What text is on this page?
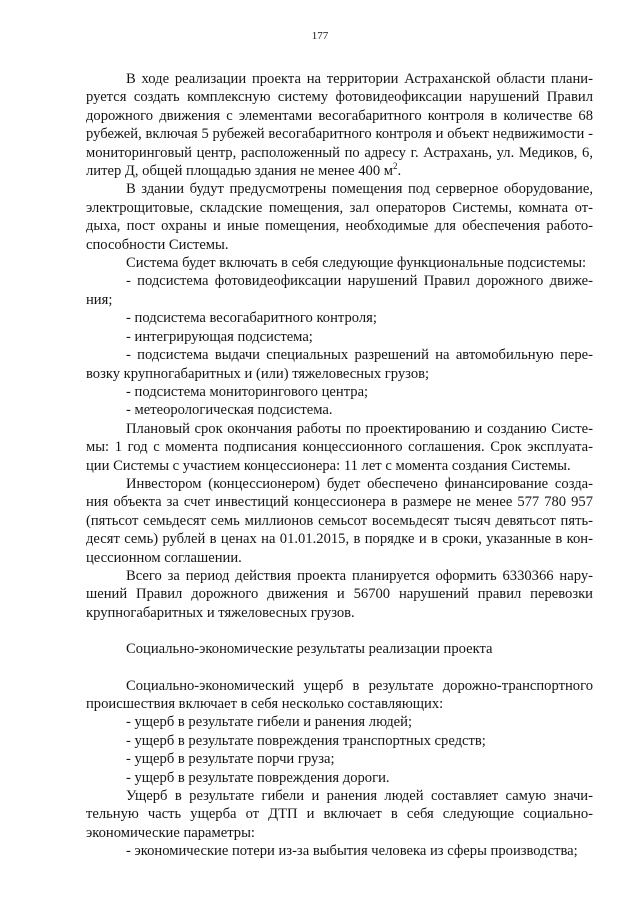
177

В ходе реализации проекта на территории Астраханской области планируется создать комплексную систему фотовидеофиксации нарушений Правил дорожного движения с элементами весогабаритного контроля в количестве 68 рубежей, включая 5 рубежей весогабаритного контроля и объект недвижимости - мониторинговый центр, расположенный по адресу г. Астрахань, ул. Медиков, 6, литер Д, общей площадью здания не менее 400 $м^2$.

В здании будут предусмотрены помещения под серверное оборудование, электрощитовые, складские помещения, зал операторов Системы, комната отдыха, пост охраны и иные помещения, необходимые для обеспечения работоспособности Системы.

Система будет включать в себя следующие функциональные подсистемы:

- подсистема фотовидеофиксации нарушений Правил дорожного движения;

- подсистема весогабаритного контроля;

- интегрирующая подсистема;

- подсистема выдачи специальных разрешений на автомобильную перевозку крупногабаритных и (или) тяжеловесных грузов;

- подсистема мониторингового центра;

- метеорологическая подсистема.

Плановый срок окончания работы по проектированию и созданию Системы: 1 год с момента подписания концессионного соглашения. Срок эксплуатации Системы с участием концессионера: 11 лет с момента создания Системы.

Инвестором (концессионером) будет обеспечено финансирование создания объекта за счет инвестиций концессионера в размере не менее 577 780 957 (пятьсот семьдесят семь миллионов семьсот восемьдесят тысяч девятьсот пятьдесят семь) рублей в ценах на 01.01.2015, в порядке и в сроки, указанные в концессионном соглашении.

Всего за период действия проекта планируется оформить 6330366 нарушений Правил дорожного движения и 56700 нарушений правил перевозки крупногабаритных и тяжеловесных грузов.

Социально-экономические результаты реализации проекта

Социально-экономический ущерб в результате дорожно-транспортного происшествия включает в себя несколько составляющих:

- ущерб в результате гибели и ранения людей;

- ущерб в результате повреждения транспортных средств;

- ущерб в результате порчи груза;

- ущерб в результате повреждения дороги.

Ущерб в результате гибели и ранения людей составляет самую значительную часть ущерба от ДТП и включает в себя следующие социально-экономические параметры:

- экономические потери из-за выбытия человека из сферы производства;
